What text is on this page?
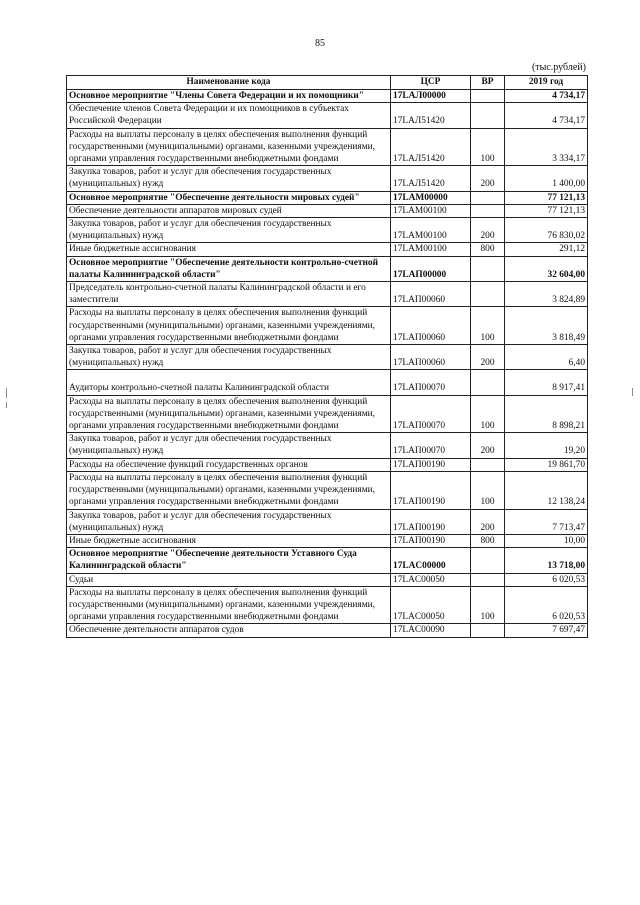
85
(тыс.рублей)
Наименование кода	ЦСР	ВР	2019 год
Основное мероприятие "Члены Совета Федерации и их помощники"	17LAЛ00000		4 734,17
Обеспечение членов Совета Федерации и их помощников в субъектах Российской Федерации	17LAЛ51420		4 734,17
Расходы на выплаты персоналу в целях обеспечения выполнения функций государственными (муниципальными) органами, казенными учреждениями, органами управления государственными внебюджетными фондами	17LAЛ51420	100	3 334,17
Закупка товаров, работ и услуг для обеспечения государственных (муниципальных) нужд	17LAЛ51420	200	1 400,00
Основное мероприятие "Обеспечение деятельности мировых судей"	17LAM00000		77 121,13
Обеспечение деятельности аппаратов мировых судей	17LAM00100		77 121,13
Закупка товаров, работ и услуг для обеспечения государственных (муниципальных) нужд	17LAM00100	200	76 830,02
Иные бюджетные ассигнования	17LAM00100	800	291,12
Основное мероприятие "Обеспечение деятельности контрольно-счетной палаты Калининградской области"	17LAП00000		32 604,00
Председатель контрольно-счетной палаты Калининградской области и его заместители	17LAП00060		3 824,89
Расходы на выплаты персоналу в целях обеспечения выполнения функций государственными (муниципальными) органами, казенными учреждениями, органами управления государственными внебюджетными фондами	17LAП00060	100	3 818,49
Закупка товаров, работ и услуг для обеспечения государственных (муниципальных) нужд	17LAП00060	200	6,40

Аудиторы контрольно-счетной палаты Калининградской области	17LAП00070		8 917,41
Расходы на выплаты персоналу в целях обеспечения выполнения функций государственными (муниципальными) органами, казенными учреждениями, органами управления государственными внебюджетными фондами	17LAП00070	100	8 898,21
Закупка товаров, работ и услуг для обеспечения государственных (муниципальных) нужд	17LAП00070	200	19,20
Расходы на обеспечение функций государственных органов	17LAП00190		19 861,70
Расходы на выплаты персоналу в целях обеспечения выполнения функций государственными (муниципальными) органами, казенными учреждениями, органами управления государственными внебюджетными фондами	17LAП00190	100	12 138,24
Закупка товаров, работ и услуг для обеспечения государственных (муниципальных) нужд	17LAП00190	200	7 713,47
Иные бюджетные ассигнования	17LAП00190	800	10,00
Основное мероприятие "Обеспечение деятельности Уставного Суда Калининградской области"	17LAC00000		13 718,00
Судьи	17LAC00050		6 020,53
Расходы на выплаты персоналу в целях обеспечения выполнения функций государственными (муниципальными) органами, казенными учреждениями, органами управления государственными внебюджетными фондами	17LAC00050	100	6 020,53
Обеспечение деятельности аппаратов судов	17LAC00090		7 697,47
